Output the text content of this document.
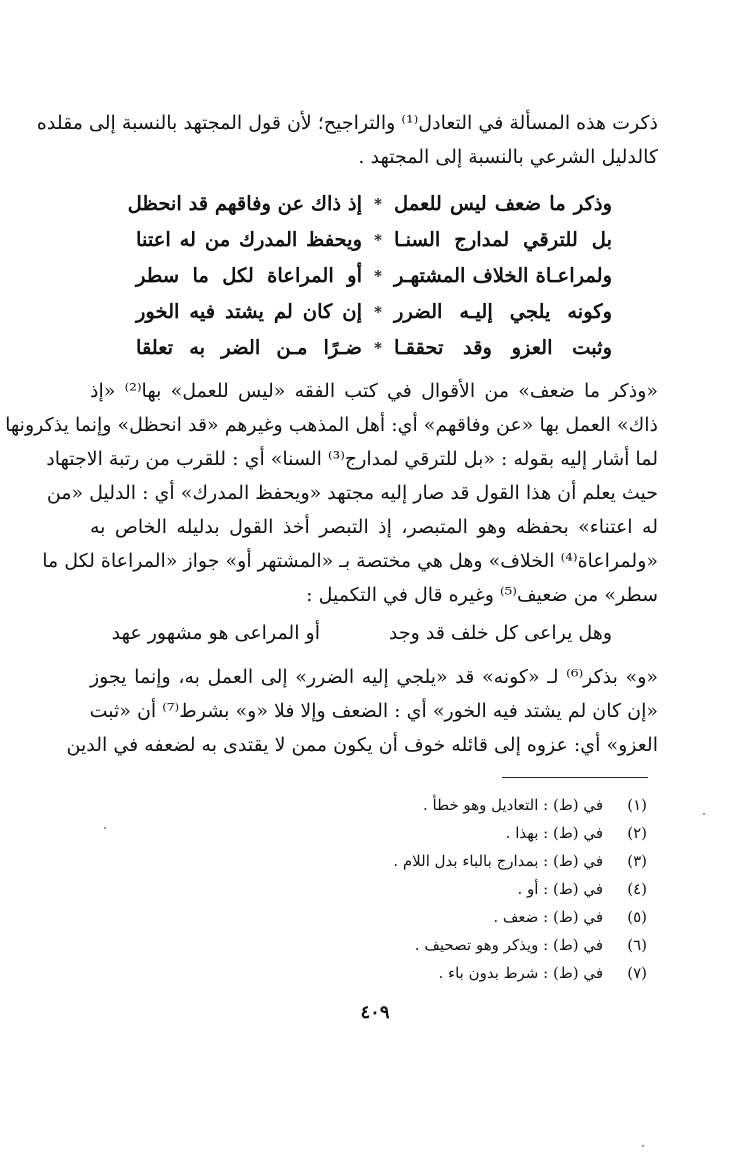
ذكرت هذه المسألة في التعادل⁽¹⁾ والتراجيح؛ لأن قول المجتهد بالنسبة إلى مقلده
كالدليل الشرعي بالنسبة إلى المجتهد .
وذكر ما ضعف ليس للعمل
*
إذ ذاك عن وفاقهم قد انحظل
بل للترقي لمدارج السنـا
*
ويحفظ المدرك من له اعتنا
ولمراعـاة الخلاف المشتهـر
*
أو المراعاة لكل ما سطر
وكونه يلجي إليـه الضرر
*
إن كان لم يشتد فيه الخور
وثبت العزو وقد تحققـا
*
ضـرًا مـن الضر به تعلقا
«وذكر ما ضعف» من الأقوال في كتب الفقه «ليس للعمل» بها⁽²⁾ «إذ
ذاك» العمل بها «عن وفاقهم» أي: أهل المذهب وغيرهم «قد انحظل» وإنما يذكرونها
لما أشار إليه بقوله : «بل للترقي لمدارج⁽³⁾ السنا» أي : للقرب من رتبة الاجتهاد
حيث يعلم أن هذا القول قد صار إليه مجتهد «ويحفظ المدرك» أي : الدليل «من
له اعتناء» بحفظه وهو المتبصر، إذ التبصر أخذ القول بدليله الخاص به
«ولمراعاة⁽⁴⁾ الخلاف» وهل هي مختصة بـ «المشتهر أو» جواز «المراعاة لكل ما
سطر» من ضعيف⁽⁵⁾ وغيره قال في التكميل :
وهل يراعى كل خلف قد وجد
أو المراعى هو مشهور عهد
«و» بذكر⁽⁶⁾ لـ «كونه» قد «يلجي إليه الضرر» إلى العمل به، وإنما يجوز
«إن كان لم يشتد فيه الخور» أي : الضعف وإلا فلا «و» بشرط⁽⁷⁾ أن «ثبت
العزو» أي: عزوه إلى قائله خوف أن يكون ممن لا يقتدى به لضعفه في الدين
(١)في (ط) : التعاديل وهو خطأ .
(٢)في (ط) : بهذا .
(٣)في (ط) : بمدارج بالباء بدل اللام .
(٤)في (ط) : أو .
(٥)في (ط) : ضعف .
(٦)في (ط) : ويذكر وهو تصحيف .
(٧)في (ط) : شرط بدون باء .
٤٠٩
